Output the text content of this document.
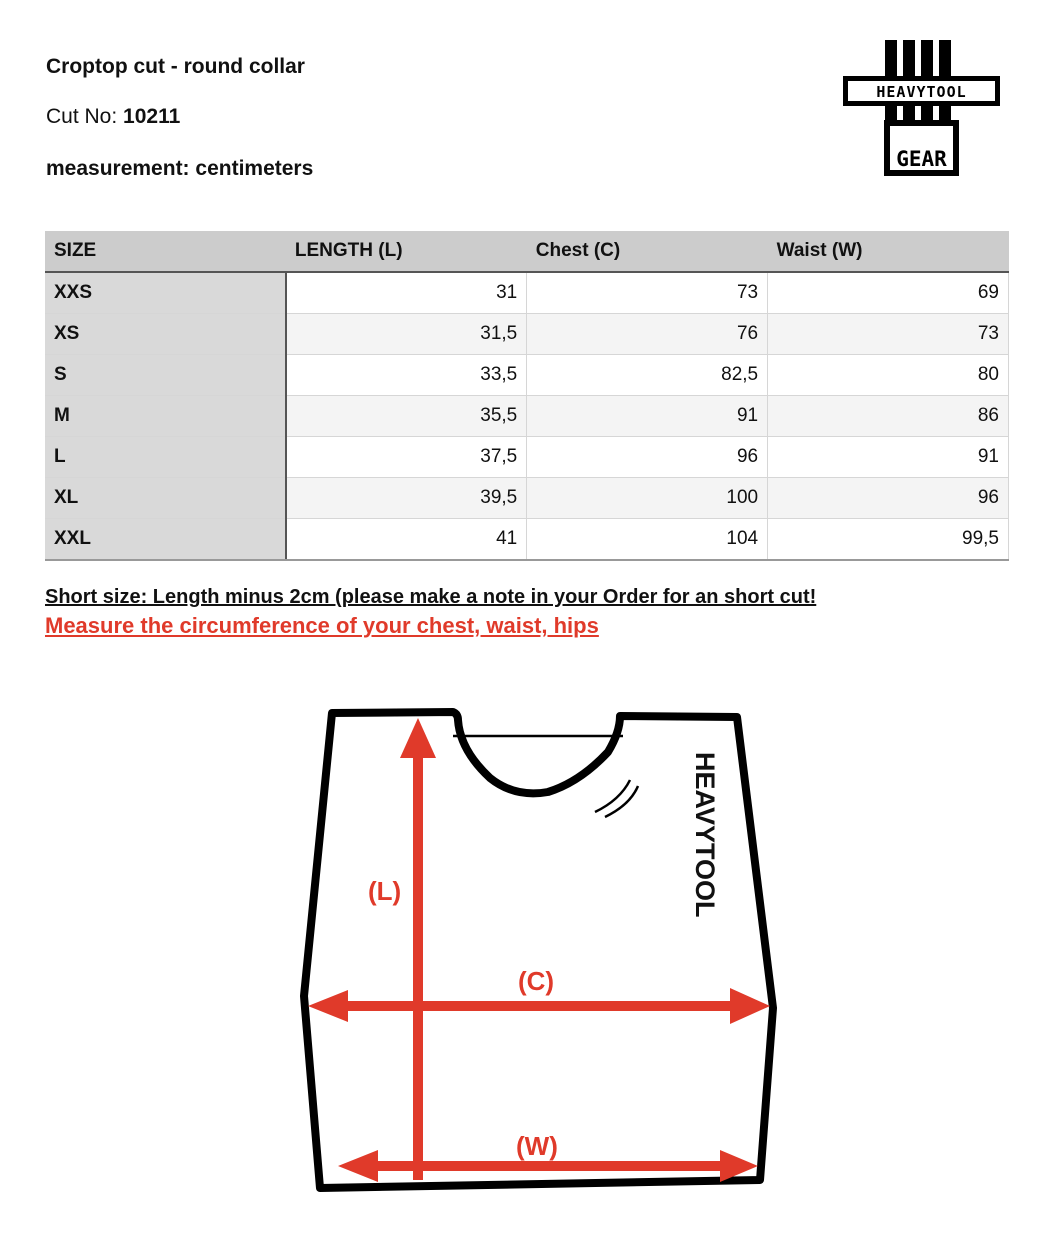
Croptop cut - round collar
Cut No: 10211
measurement: centimeters
HEAVYTOOL
GEAR
SIZE	LENGTH (L)	Chest (C)	Waist (W)
XXS	31	73	69
XS	31,5	76	73
S	33,5	82,5	80
M	35,5	91	86
L	37,5	96	91
XL	39,5	100	96
XXL	41	104	99,5
Short size: Length minus 2cm (please make a note in your Order for an short cut!
Measure the circumference of your chest, waist, hips
(L)
(C)
(W)
HEAVYTOOL
